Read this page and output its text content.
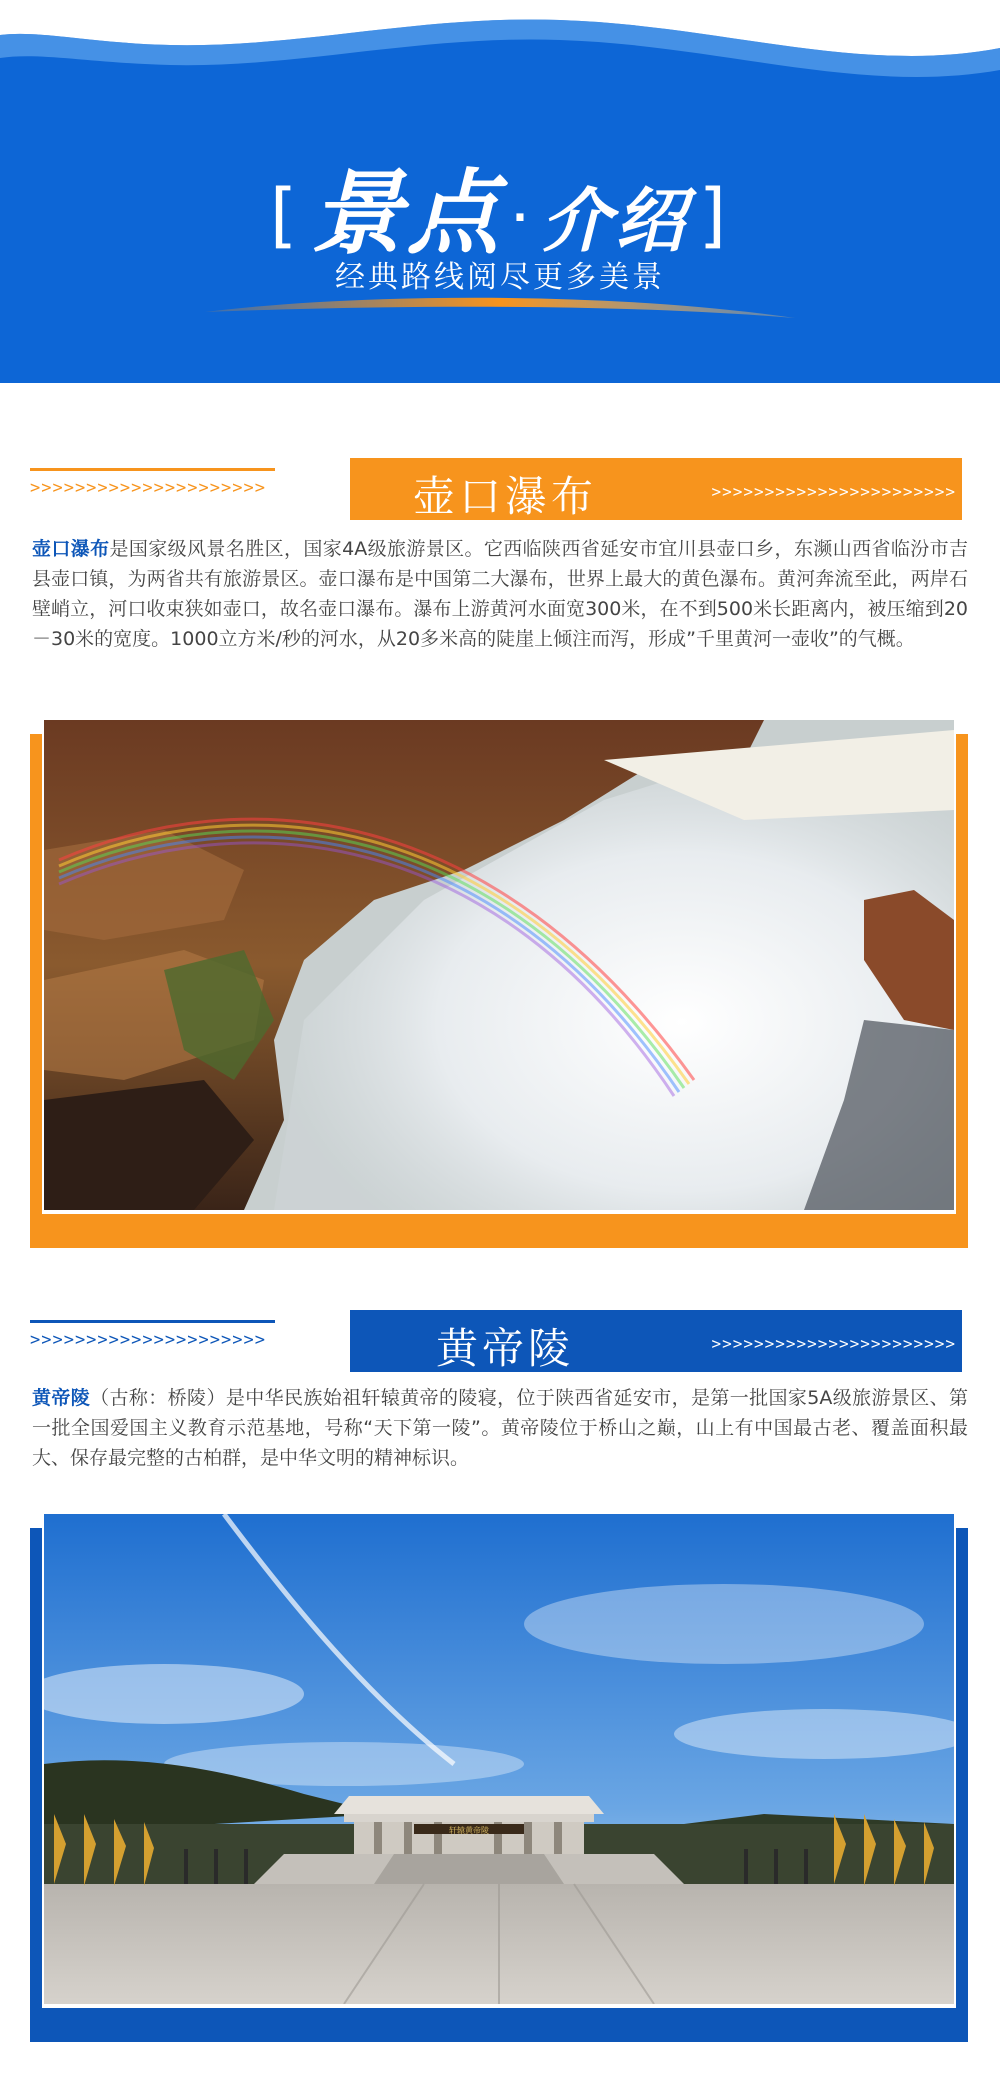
[ 景点 · 介绍 ]
经典路线阅尽更多美景
>>>>>>>>>>>>>>>>>>>>>	壶口瀑布	>>>>>>>>>>>>>>>>>>>>>>>
壶口瀑布是国家级风景名胜区，国家4A级旅游景区。它西临陕西省延安市宜川县壶口乡，东濒山西省临汾市吉县壶口镇，为两省共有旅游景区。壶口瀑布是中国第二大瀑布，世界上最大的黄色瀑布。黄河奔流至此，两岸石壁峭立，河口收束狭如壶口，故名壶口瀑布。瀑布上游黄河水面宽300米，在不到500米长距离内，被压缩到20－30米的宽度。1000立方米/秒的河水，从20多米高的陡崖上倾注而泻，形成”千里黄河一壶收”的气概。
>>>>>>>>>>>>>>>>>>>>>	黄帝陵	>>>>>>>>>>>>>>>>>>>>>>>
黄帝陵（古称：桥陵）是中华民族始祖轩辕黄帝的陵寝，位于陕西省延安市，是第一批国家5A级旅游景区、第一批全国爱国主义教育示范基地，号称“天下第一陵”。黄帝陵位于桥山之巅，山上有中国最古老、覆盖面积最大、保存最完整的古柏群，是中华文明的精神标识。
轩辕黄帝陵
